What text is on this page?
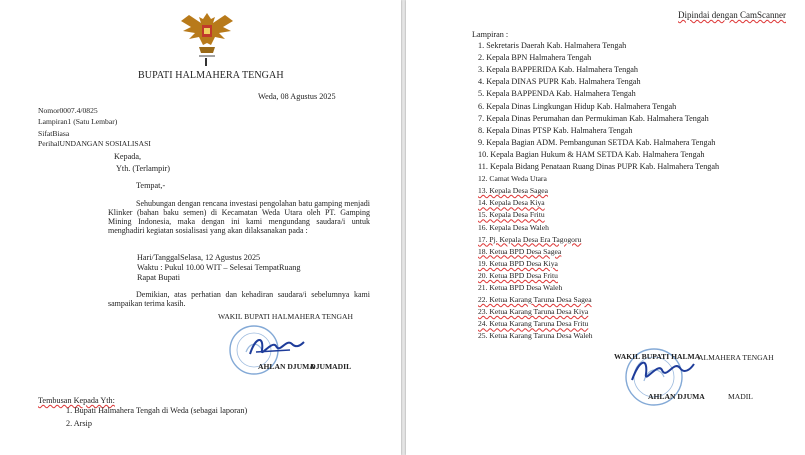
BUPATI HALMAHERA TENGAH
Weda, 08 Agustus 2025
Nomor0007.4/0825
Lampiran1 (Satu Lembar)
SifatBiasa
PerihalUNDANGAN SOSIALISASI
Kepada,
Yth. (Terlampir)
Tempat,-
Sehubungan dengan rencana investasi pengolahan batu gamping menjadi Klinker (bahan baku semen) di Kecamatan Weda Utara oleh PT. Gamping Mining Indonesia, maka dengan ini kami mengundang saudara/i untuk menghadiri kegiatan sosialisasi yang akan dilaksanakan pada :
Hari/TanggalSelasa, 12 Agustus 2025
Waktu : Pukul 10.00 WIT – Selesai TempatRuang
Rapat Bupati
Demikian, atas perhatian dan kehadiran saudara/i sebelumnya kami sampaikan terima kasih.
WAKIL BUPATI HALMAHERA TENGAH
AHLAN DJUMA DJUMADIL
Tembusan Kepada Yth:
1. Bupati Halmahera Tengah di Weda (sebagai laporan)
2. Arsip
Dipindai dengan CamScanner
Lampiran :
1. Sekretaris Daerah Kab. Halmahera Tengah
2. Kepala BPN Halmahera Tengah
3. Kepala BAPPERIDA Kab. Halmahera Tengah
4. Kepala DINAS PUPR Kab. Halmahera Tengah
5. Kepala BAPPENDA Kab. Halmahera Tengah
6. Kepala Dinas Lingkungan Hidup Kab. Halmahera Tengah
7. Kepala Dinas Perumahan dan Permukiman Kab. Halmahera Tengah
8. Kepala Dinas PTSP Kab. Halmahera Tengah
9. Kepala Bagian ADM. Pembangunan SETDA Kab. Halmahera Tengah
10. Kepala Bagian Hukum & HAM SETDA Kab. Halmahera Tengah
11. Kepala Bidang Penataan Ruang Dinas PUPR Kab. Halmahera Tengah
12. Camat Weda Utara
13. Kepala Desa Sagea
14. Kepala Desa Kiya
15. Kepala Desa Fritu
16. Kepala Desa Waleh
17. Pj. Kepala Desa Era Tagogoru
18. Ketua BPD Desa Sagea
19. Ketua BPD Desa Kiya
20. Ketua BPD Desa Fritu
21. Ketua BPD Desa Waleh
22. Ketua Karang Taruna Desa Sagea
23. Ketua Karang Taruna Desa Kiya
24. Ketua Karang Taruna Desa Fritu
25. Ketua Karang Taruna Desa Waleh
WAKIL BUPATI HALMA
ALMAHERA TENGAH
AHLAN DJUMA	MADIL
